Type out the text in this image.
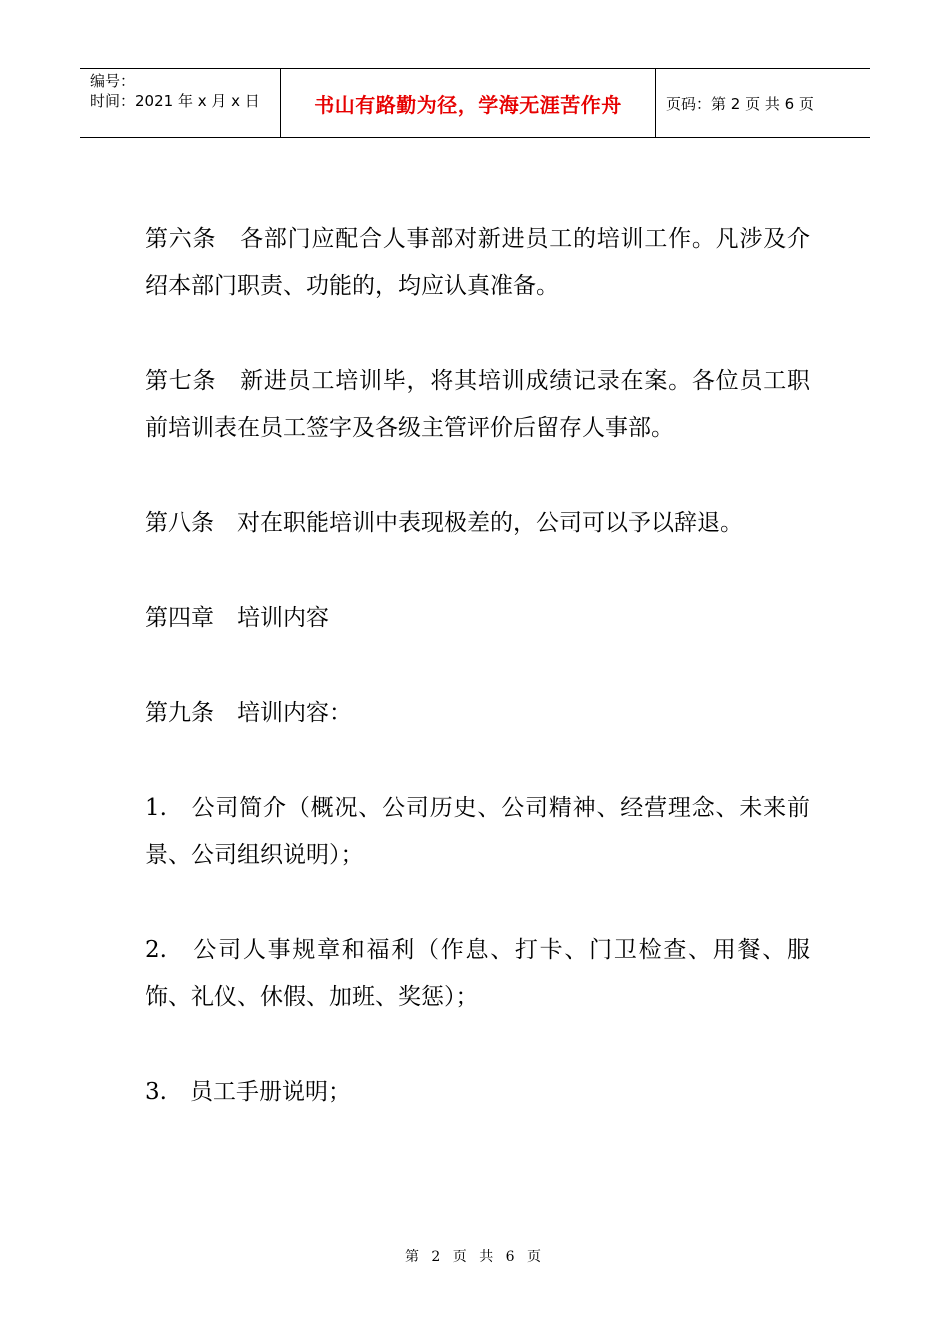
编号：
时间：2021 年 x 月 x 日	书山有路勤为径，学海无涯苦作舟	页码：第 2 页 共 6 页

第六条　各部门应配合人事部对新进员工的培训工作。凡涉及介绍本部门职责、功能的，均应认真准备。

第七条　新进员工培训毕，将其培训成绩记录在案。各位员工职前培训表在员工签字及各级主管评价后留存人事部。

第八条　对在职能培训中表现极差的，公司可以予以辞退。

第四章　培训内容

第九条　培训内容：

1.　公司简介（概况、公司历史、公司精神、经营理念、未来前景、公司组织说明）；

2.　公司人事规章和福利（作息、打卡、门卫检查、用餐、服饰、礼仪、休假、加班、奖惩）；

3.　员工手册说明；

第 2 页 共 6 页
